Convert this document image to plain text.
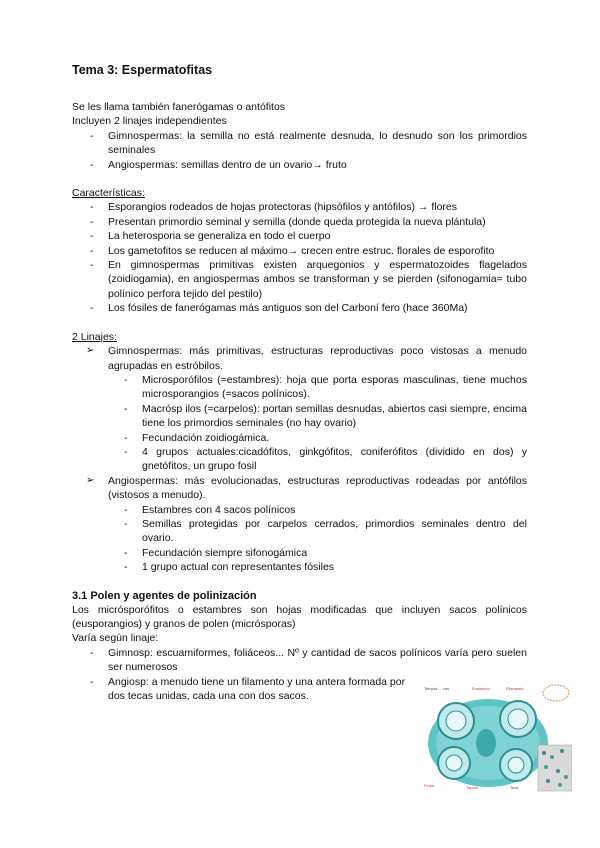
Tema 3: Espermatofitas

Se les llama también fanerógamas o antófitos

Incluyen 2 linajes independientes

- Gimnospermas: la semilla no está realmente desnuda, lo desnudo son los primordios seminales
- Angiospermas: semillas dentro de un ovario→ fruto

Características:

- Esporangios rodeados de hojas protectoras (hipsófilos y antófilos) → flores
- Presentan primordio seminal y semilla (donde queda protegida la nueva plántula)
- La heterosporia se generaliza en todo el cuerpo
- Los gametofitos se reducen al máximo→ crecen entre estruc. florales de esporofito
- En gimnospermas primitivas existen arquegonios y espermatozoides flagelados (zoidiogamia), en angiospermas ambos se transforman y se pierden (sifonogamia= tubo polínico perfora tejido del pestilo)
- Los fósiles de fanerógamas más antiguos son del Carboní fero (hace 360Ma)

2 Linajes:

➢ Gimnospermas: más primitivas, estructuras reproductivas poco vistosas a menudo agrupadas en estróbilos.
- Microsporófilos (=estambres): hoja que porta esporas masculinas, tiene muchos microsporangios (=sacos polínicos).
- Macrósp ilos (=carpelos): portan semillas desnudas, abiertos casi siempre, encima tiene los primordios seminales (no hay ovario)
- Fecundación zoidiogámica.
- 4 grupos actuales:cicadófitos, ginkgófitos, coniferófitos (dividido en dos) y gnetófitos, un grupo fosil
➢ Angiospermas: más evolucionadas, estructuras reproductivas rodeadas por antófilos (vistosos a menudo).
- Estambres con 4 sacos polínicos
- Semillas protegidas por carpelos cerrados, primordios seminales dentro del ovario.
- Fecundación siempre sifonogámica
- 1 grupo actual con representantes fósiles
3.1 Polen y agentes de polinización

Los micrósporófitos o estambres son hojas modificadas que incluyen sacos polínicos (eusporangios) y granos de polen (micrósporas)

Varía según linaje:

- Gimnosp: escuamiformes, foliáceos... Nº y cantidad de sacos polínicos varía pero suelen ser numerosos
- Angiosp: a menudo tiene un filamento y una antera formada por dos tecas unidas, cada una con dos sacos.
Tetrada ... cas	Endotecio	Filamento
Polen	Tapete	Teca
